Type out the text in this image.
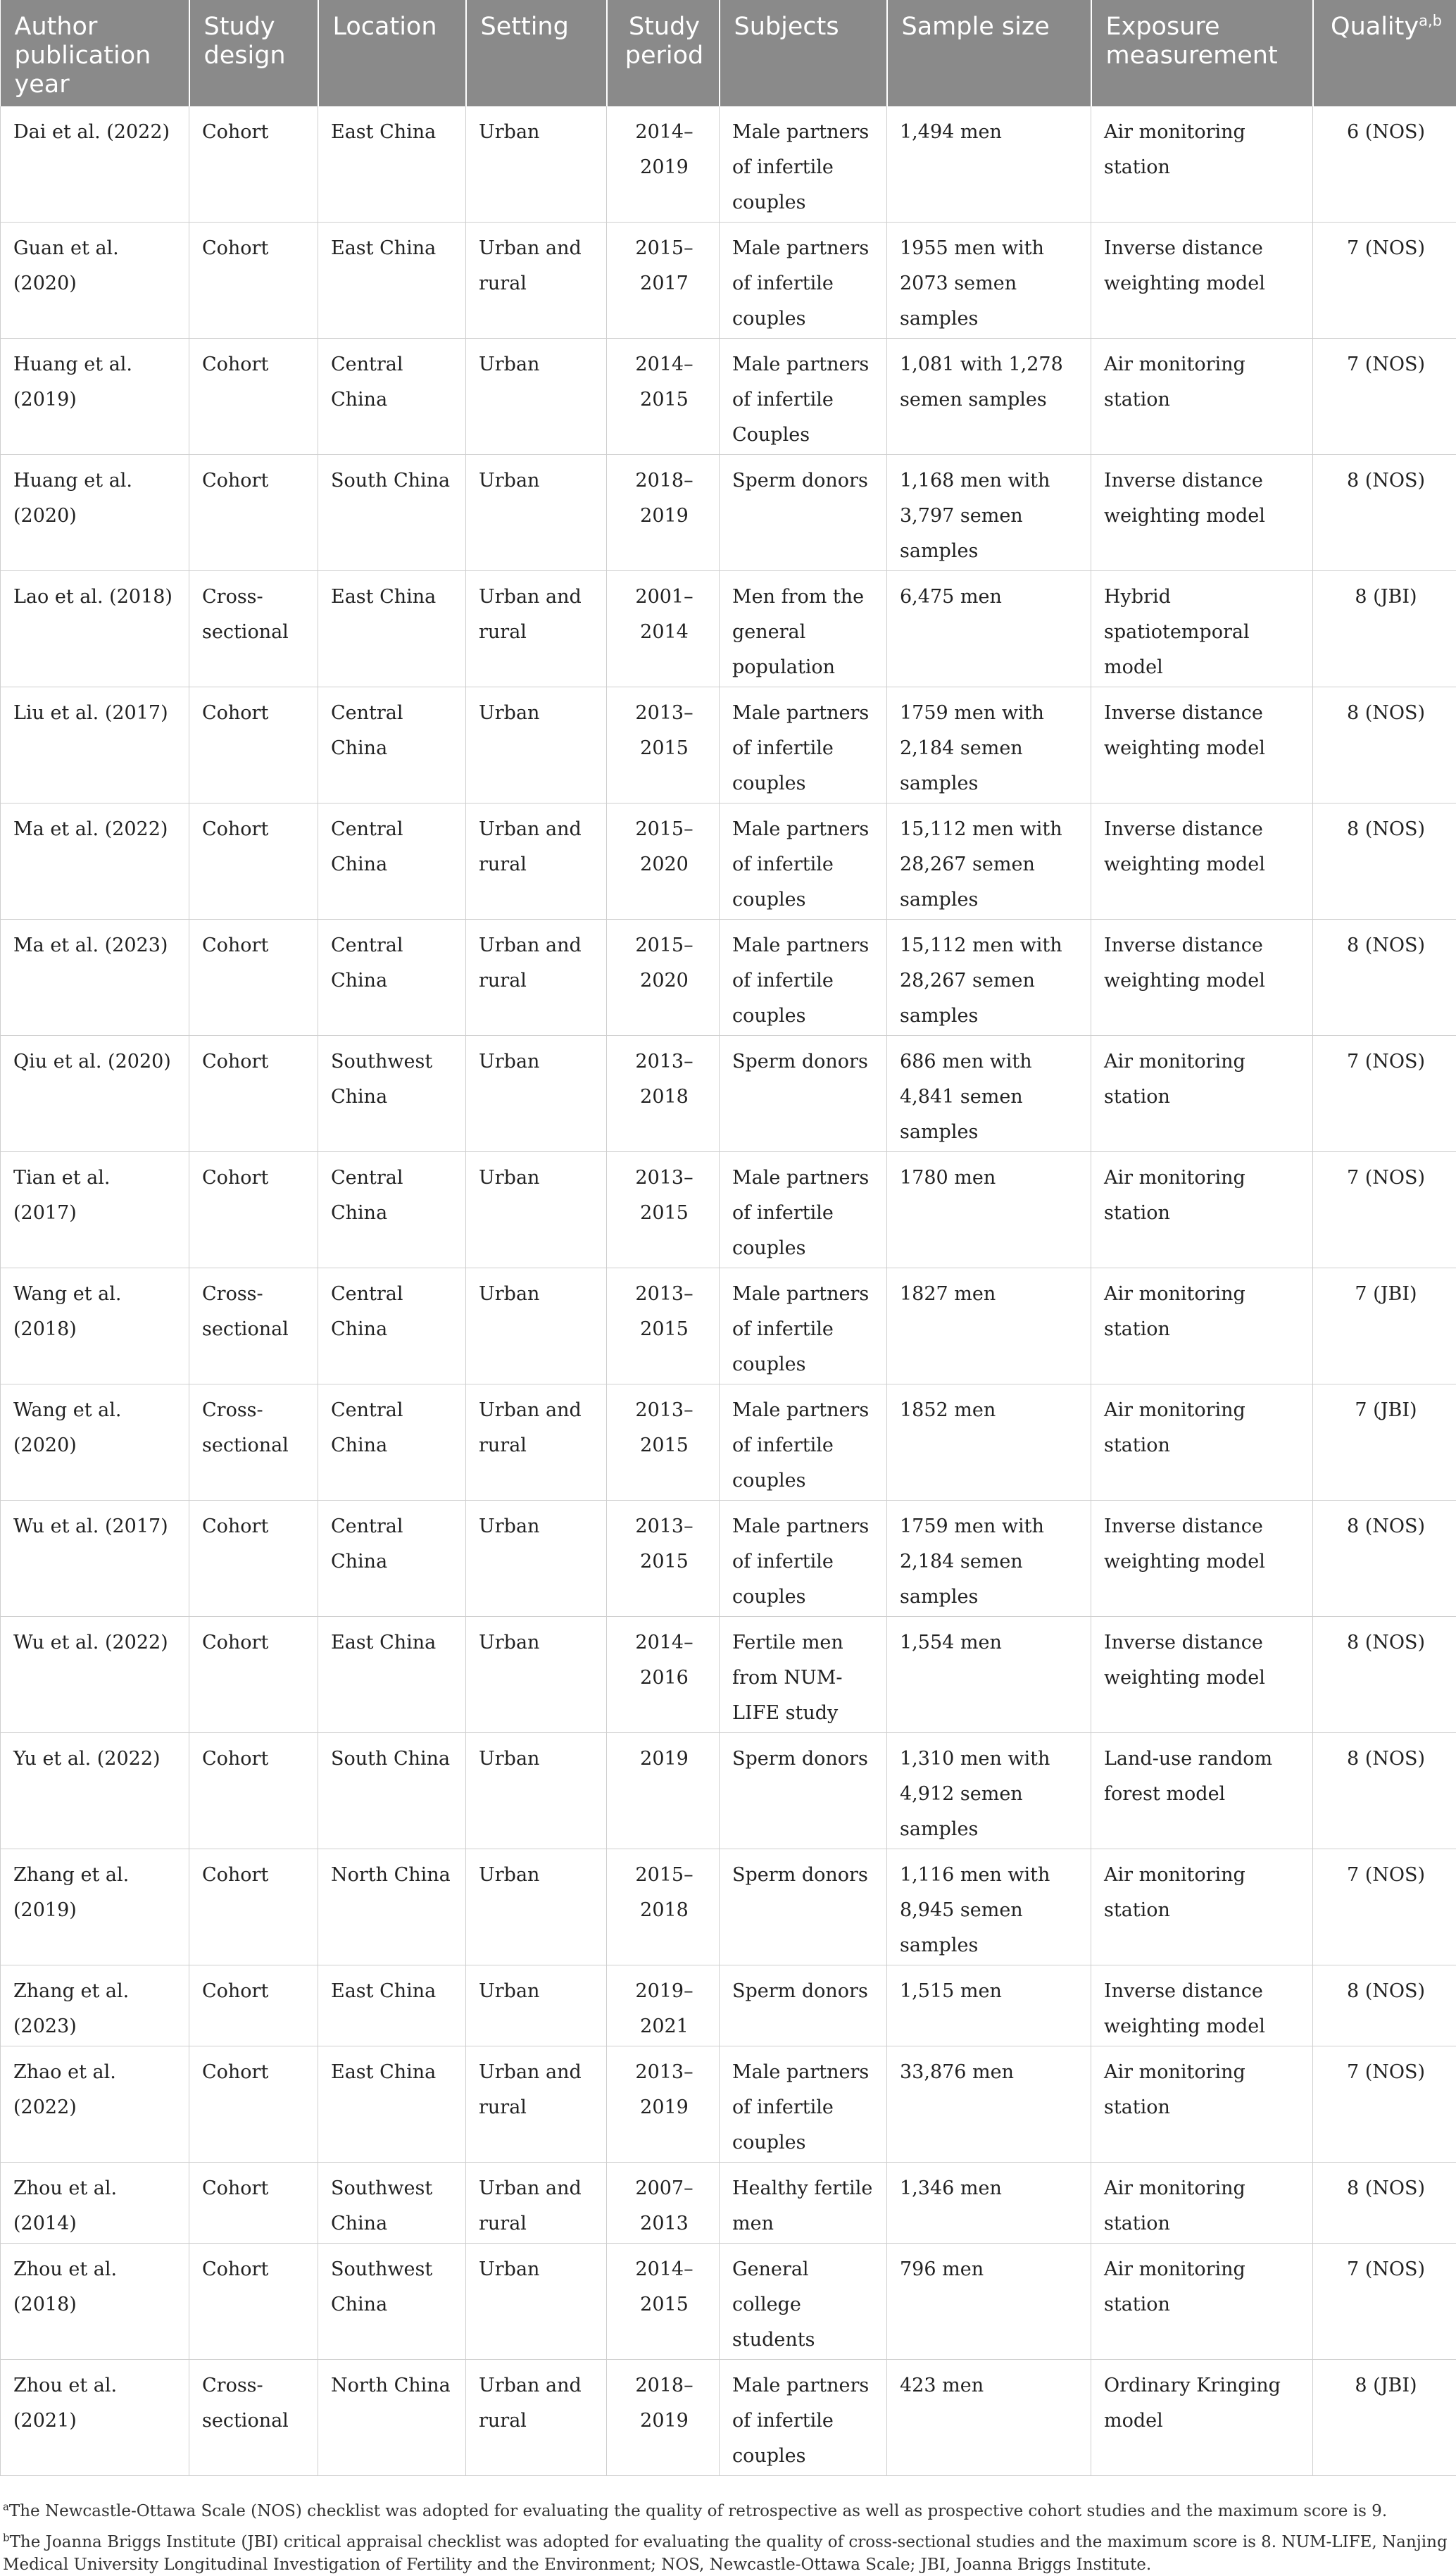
Author publication year	Study design	Location	Setting	Study period	Subjects	Sample size	Exposure measurement	Quality$^{a,b}$
Dai et al. (2022)	Cohort	East China	Urban	2014–2019	Male partners of infertile couples	1,494 men	Air monitoring station	6 (NOS)
Guan et al. (2020)	Cohort	East China	Urban and rural	2015–2017	Male partners of infertile couples	1955 men with 2073 semen samples	Inverse distance weighting model	7 (NOS)
Huang et al. (2019)	Cohort	Central China	Urban	2014–2015	Male partners of infertile Couples	1,081 with 1,278 semen samples	Air monitoring station	7 (NOS)
Huang et al. (2020)	Cohort	South China	Urban	2018–2019	Sperm donors	1,168 men with 3,797 semen samples	Inverse distance weighting model	8 (NOS)
Lao et al. (2018)	Cross-sectional	East China	Urban and rural	2001–2014	Men from the general population	6,475 men	Hybrid spatiotemporal model	8 (JBI)
Liu et al. (2017)	Cohort	Central China	Urban	2013–2015	Male partners of infertile couples	1759 men with 2,184 semen samples	Inverse distance weighting model	8 (NOS)
Ma et al. (2022)	Cohort	Central China	Urban and rural	2015–2020	Male partners of infertile couples	15,112 men with 28,267 semen samples	Inverse distance weighting model	8 (NOS)
Ma et al. (2023)	Cohort	Central China	Urban and rural	2015–2020	Male partners of infertile couples	15,112 men with 28,267 semen samples	Inverse distance weighting model	8 (NOS)
Qiu et al. (2020)	Cohort	Southwest China	Urban	2013–2018	Sperm donors	686 men with 4,841 semen samples	Air monitoring station	7 (NOS)
Tian et al. (2017)	Cohort	Central China	Urban	2013–2015	Male partners of infertile couples	1780 men	Air monitoring station	7 (NOS)
Wang et al. (2018)	Cross-sectional	Central China	Urban	2013–2015	Male partners of infertile couples	1827 men	Air monitoring station	7 (JBI)
Wang et al. (2020)	Cross-sectional	Central China	Urban and rural	2013–2015	Male partners of infertile couples	1852 men	Air monitoring station	7 (JBI)
Wu et al. (2017)	Cohort	Central China	Urban	2013–2015	Male partners of infertile couples	1759 men with 2,184 semen samples	Inverse distance weighting model	8 (NOS)
Wu et al. (2022)	Cohort	East China	Urban	2014–2016	Fertile men from NUM-LIFE study	1,554 men	Inverse distance weighting model	8 (NOS)
Yu et al. (2022)	Cohort	South China	Urban	2019	Sperm donors	1,310 men with 4,912 semen samples	Land-use random forest model	8 (NOS)
Zhang et al. (2019)	Cohort	North China	Urban	2015–2018	Sperm donors	1,116 men with 8,945 semen samples	Air monitoring station	7 (NOS)
Zhang et al. (2023)	Cohort	East China	Urban	2019–2021	Sperm donors	1,515 men	Inverse distance weighting model	8 (NOS)
Zhao et al. (2022)	Cohort	East China	Urban and rural	2013–2019	Male partners of infertile couples	33,876 men	Air monitoring station	7 (NOS)
Zhou et al. (2014)	Cohort	Southwest China	Urban and rural	2007–2013	Healthy fertile men	1,346 men	Air monitoring station	8 (NOS)
Zhou et al. (2018)	Cohort	Southwest China	Urban	2014–2015	General college students	796 men	Air monitoring station	7 (NOS)
Zhou et al. (2021)	Cross-sectional	North China	Urban and rural	2018–2019	Male partners of infertile couples	423 men	Ordinary Kringing model	8 (JBI)

$^a$The Newcastle-Ottawa Scale (NOS) checklist was adopted for evaluating the quality of retrospective as well as prospective cohort studies and the maximum score is 9.

$^b$The Joanna Briggs Institute (JBI) critical appraisal checklist was adopted for evaluating the quality of cross-sectional studies and the maximum score is 8. NUM-LIFE, Nanjing Medical University Longitudinal Investigation of Fertility and the Environment; NOS, Newcastle-Ottawa Scale; JBI, Joanna Briggs Institute.
